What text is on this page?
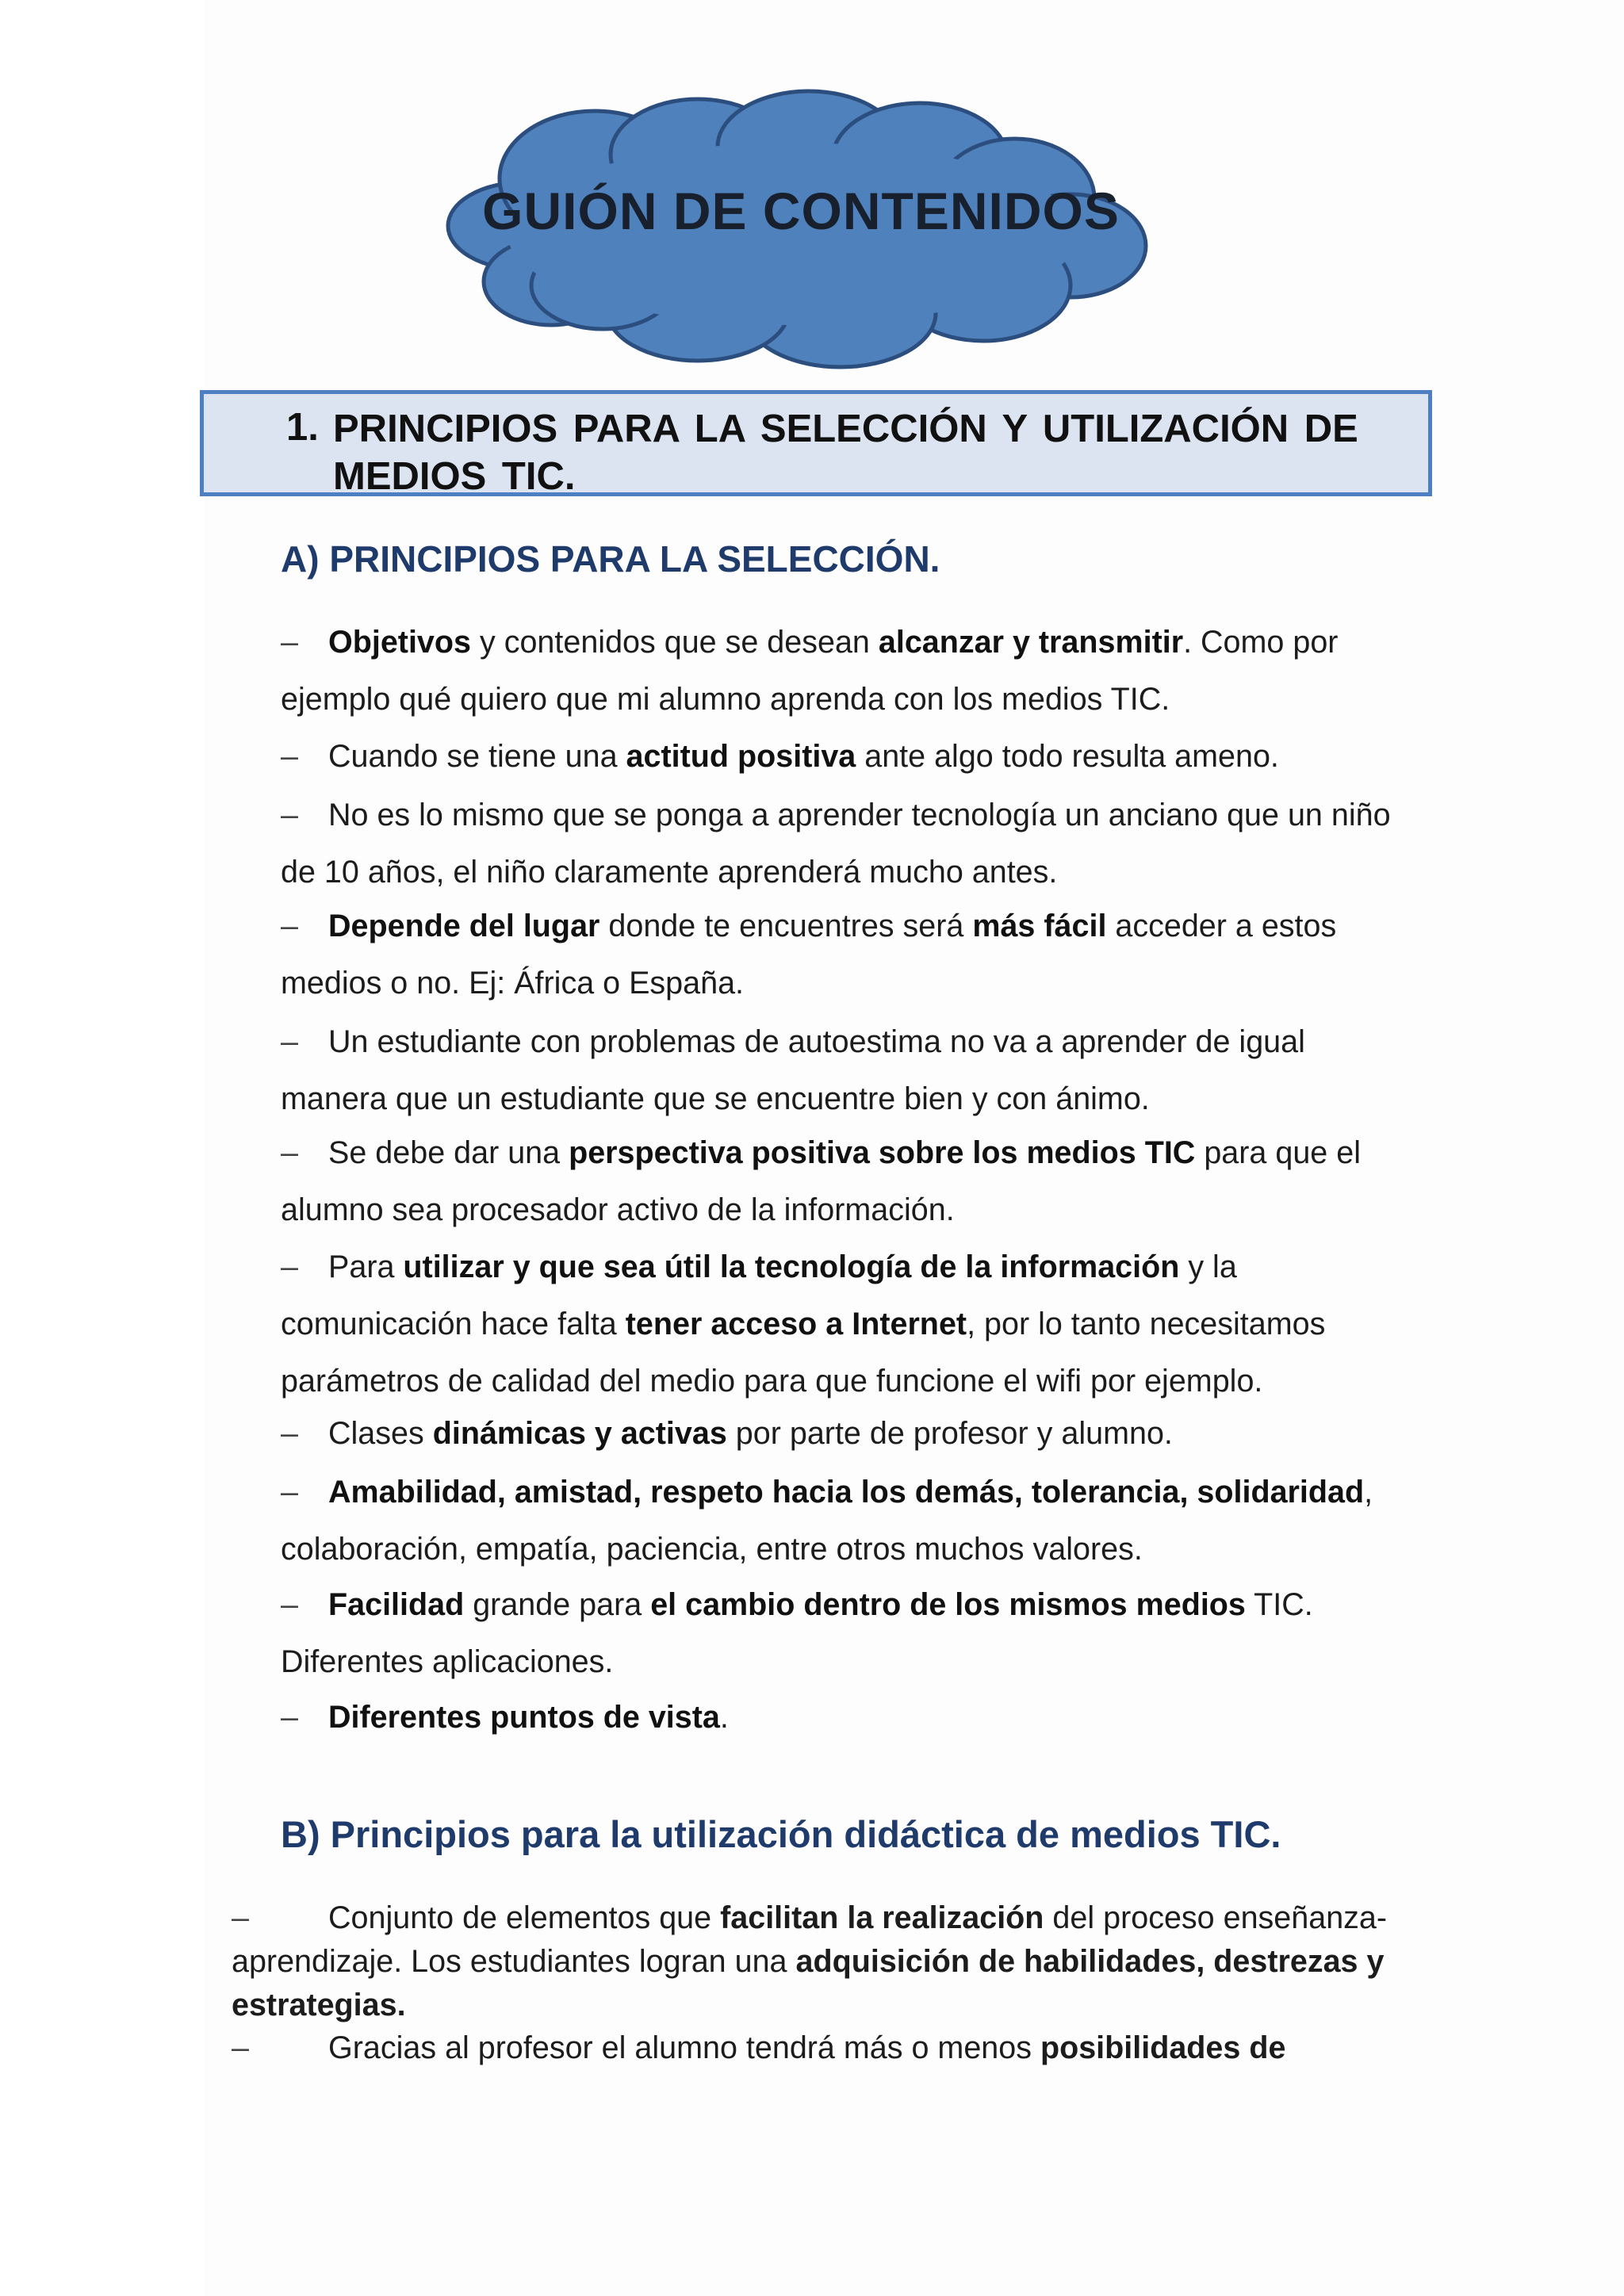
GUIÓN DE CONTENIDOS
1. PRINCIPIOS PARA LA SELECCIÓN Y UTILIZACIÓN DE MEDIOS TIC.
A) PRINCIPIOS PARA LA SELECCIÓN.
– Objetivos y contenidos que se desean alcanzar y transmitir. Como por ejemplo qué quiero que mi alumno aprenda con los medios TIC.
– Cuando se tiene una actitud positiva ante algo todo resulta ameno.
– No es lo mismo que se ponga a aprender tecnología un anciano que un niño de 10 años, el niño claramente aprenderá mucho antes.
– Depende del lugar donde te encuentres será más fácil acceder a estos medios o no. Ej: África o España.
– Un estudiante con problemas de autoestima no va a aprender de igual manera que un estudiante que se encuentre bien y con ánimo.
– Se debe dar una perspectiva positiva sobre los medios TIC para que el alumno sea procesador activo de la información.
– Para utilizar y que sea útil la tecnología de la información y la comunicación hace falta tener acceso a Internet, por lo tanto necesitamos parámetros de calidad del medio para que funcione el wifi por ejemplo.
– Clases dinámicas y activas por parte de profesor y alumno.
– Amabilidad, amistad, respeto hacia los demás, tolerancia, solidaridad, colaboración, empatía, paciencia, entre otros muchos valores.
– Facilidad grande para el cambio dentro de los mismos medios TIC. Diferentes aplicaciones.
– Diferentes puntos de vista.
B) Principios para la utilización didáctica de medios TIC.
–	Conjunto de elementos que facilitan la realización del proceso enseñanza-aprendizaje. Los estudiantes logran una adquisición de habilidades, destrezas y estrategias.
–	Gracias al profesor el alumno tendrá más o menos posibilidades de
